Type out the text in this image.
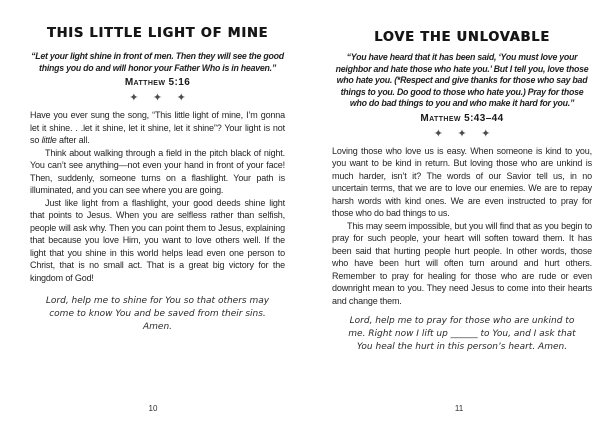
THIS LITTLE LIGHT OF MINE

“Let your light shine in front of men. Then they will see the good things you do and will honor your Father Who is in heaven.”

Matthew 5:16

✦ ✦ ✦

Have you ever sung the song, “This little light of mine, I’m gonna let it shine. . .let it shine, let it shine, let it shine”? Your light is not so little after all.

Think about walking through a field in the pitch black of night. You can’t see anything—not even your hand in front of your face! Then, suddenly, someone turns on a flashlight. Your path is illuminated, and you can see where you are going.

Just like light from a flashlight, your good deeds shine light that points to Jesus. When you are selfless rather than selfish, people will ask why. Then you can point them to Jesus, explaining that because you love Him, you want to love others well. If the light that you shine in this world helps lead even one person to Christ, that is no small act. That is a great big victory for the kingdom of God!

Lord, help me to shine for You so that others may come to know You and be saved from their sins. Amen.

10
LOVE THE UNLOVABLE

“You have heard that it has been said, ‘You must love your neighbor and hate those who hate you.’ But I tell you, love those who hate you. (*Respect and give thanks for those who say bad things to you. Do good to those who hate you.) Pray for those who do bad things to you and who make it hard for you.”

Matthew 5:43–44

✦ ✦ ✦

Loving those who love us is easy. When someone is kind to you, you want to be kind in return. But loving those who are unkind is much harder, isn’t it? The words of our Savior tell us, in no uncertain terms, that we are to love our enemies. We are to repay harsh words with kind ones. We are even instructed to pray for those who do bad things to us.

This may seem impossible, but you will find that as you begin to pray for such people, your heart will soften toward them. It has been said that hurting people hurt people. In other words, those who have been hurt will often turn around and hurt others. Remember to pray for healing for those who are rude or even downright mean to you. They need Jesus to come into their hearts and change them.

Lord, help me to pray for those who are unkind to me. Right now I lift up ______ to You, and I ask that You heal the hurt in this person’s heart. Amen.

11
